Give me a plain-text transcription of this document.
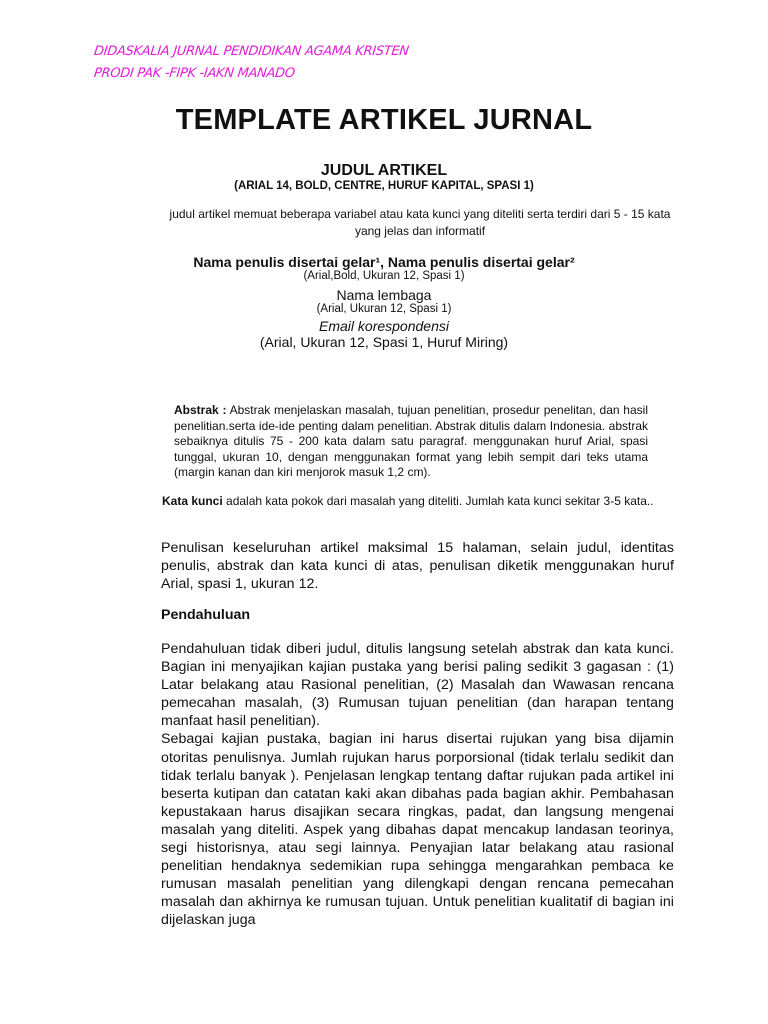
DIDASKALIA JURNAL PENDIDIKAN AGAMA KRISTEN
PRODI PAK -FIPK -IAKN MANADO
TEMPLATE ARTIKEL JURNAL
JUDUL ARTIKEL
(ARIAL 14, BOLD, CENTRE, HURUF KAPITAL, SPASI 1)
judul artikel memuat beberapa variabel atau kata kunci yang diteliti serta terdiri dari 5 - 15 kata yang jelas dan informatif
Nama penulis disertai gelar¹, Nama penulis disertai gelar²
(Arial,Bold, Ukuran 12, Spasi 1)
Nama lembaga
(Arial, Ukuran 12, Spasi 1)
Email korespondensi
(Arial, Ukuran 12, Spasi 1, Huruf Miring)
Abstrak : Abstrak menjelaskan masalah, tujuan penelitian, prosedur penelitan, dan hasil penelitian.serta ide-ide penting dalam penelitian. Abstrak ditulis dalam Indonesia. abstrak sebaiknya ditulis 75 - 200 kata dalam satu paragraf. menggunakan huruf Arial, spasi tunggal, ukuran 10, dengan menggunakan format yang lebih sempit dari teks utama (margin kanan dan kiri menjorok masuk 1,2 cm).
Kata kunci adalah kata pokok dari masalah yang diteliti. Jumlah kata kunci sekitar 3-5 kata..
Penulisan keseluruhan artikel maksimal 15 halaman, selain judul, identitas penulis, abstrak dan kata kunci di atas, penulisan diketik menggunakan huruf Arial, spasi 1, ukuran 12.
Pendahuluan
Pendahuluan tidak diberi judul, ditulis langsung setelah abstrak dan kata kunci. Bagian ini menyajikan kajian pustaka yang berisi paling sedikit 3 gagasan : (1) Latar belakang atau Rasional penelitian, (2) Masalah dan Wawasan rencana pemecahan masalah, (3) Rumusan tujuan penelitian (dan harapan tentang manfaat hasil penelitian).
Sebagai kajian pustaka, bagian ini harus disertai rujukan yang bisa dijamin otoritas penulisnya. Jumlah rujukan harus porporsional (tidak terlalu sedikit dan tidak terlalu banyak ). Penjelasan lengkap tentang daftar rujukan pada artikel ini beserta kutipan dan catatan kaki akan dibahas pada bagian akhir. Pembahasan kepustakaan harus disajikan secara ringkas, padat, dan langsung mengenai masalah yang diteliti. Aspek yang dibahas dapat mencakup landasan teorinya, segi historisnya, atau segi lainnya. Penyajian latar belakang atau rasional penelitian hendaknya sedemikian rupa sehingga mengarahkan pembaca ke rumusan masalah penelitian yang dilengkapi dengan rencana pemecahan masalah dan akhirnya ke rumusan tujuan. Untuk penelitian kualitatif di bagian ini dijelaskan juga
